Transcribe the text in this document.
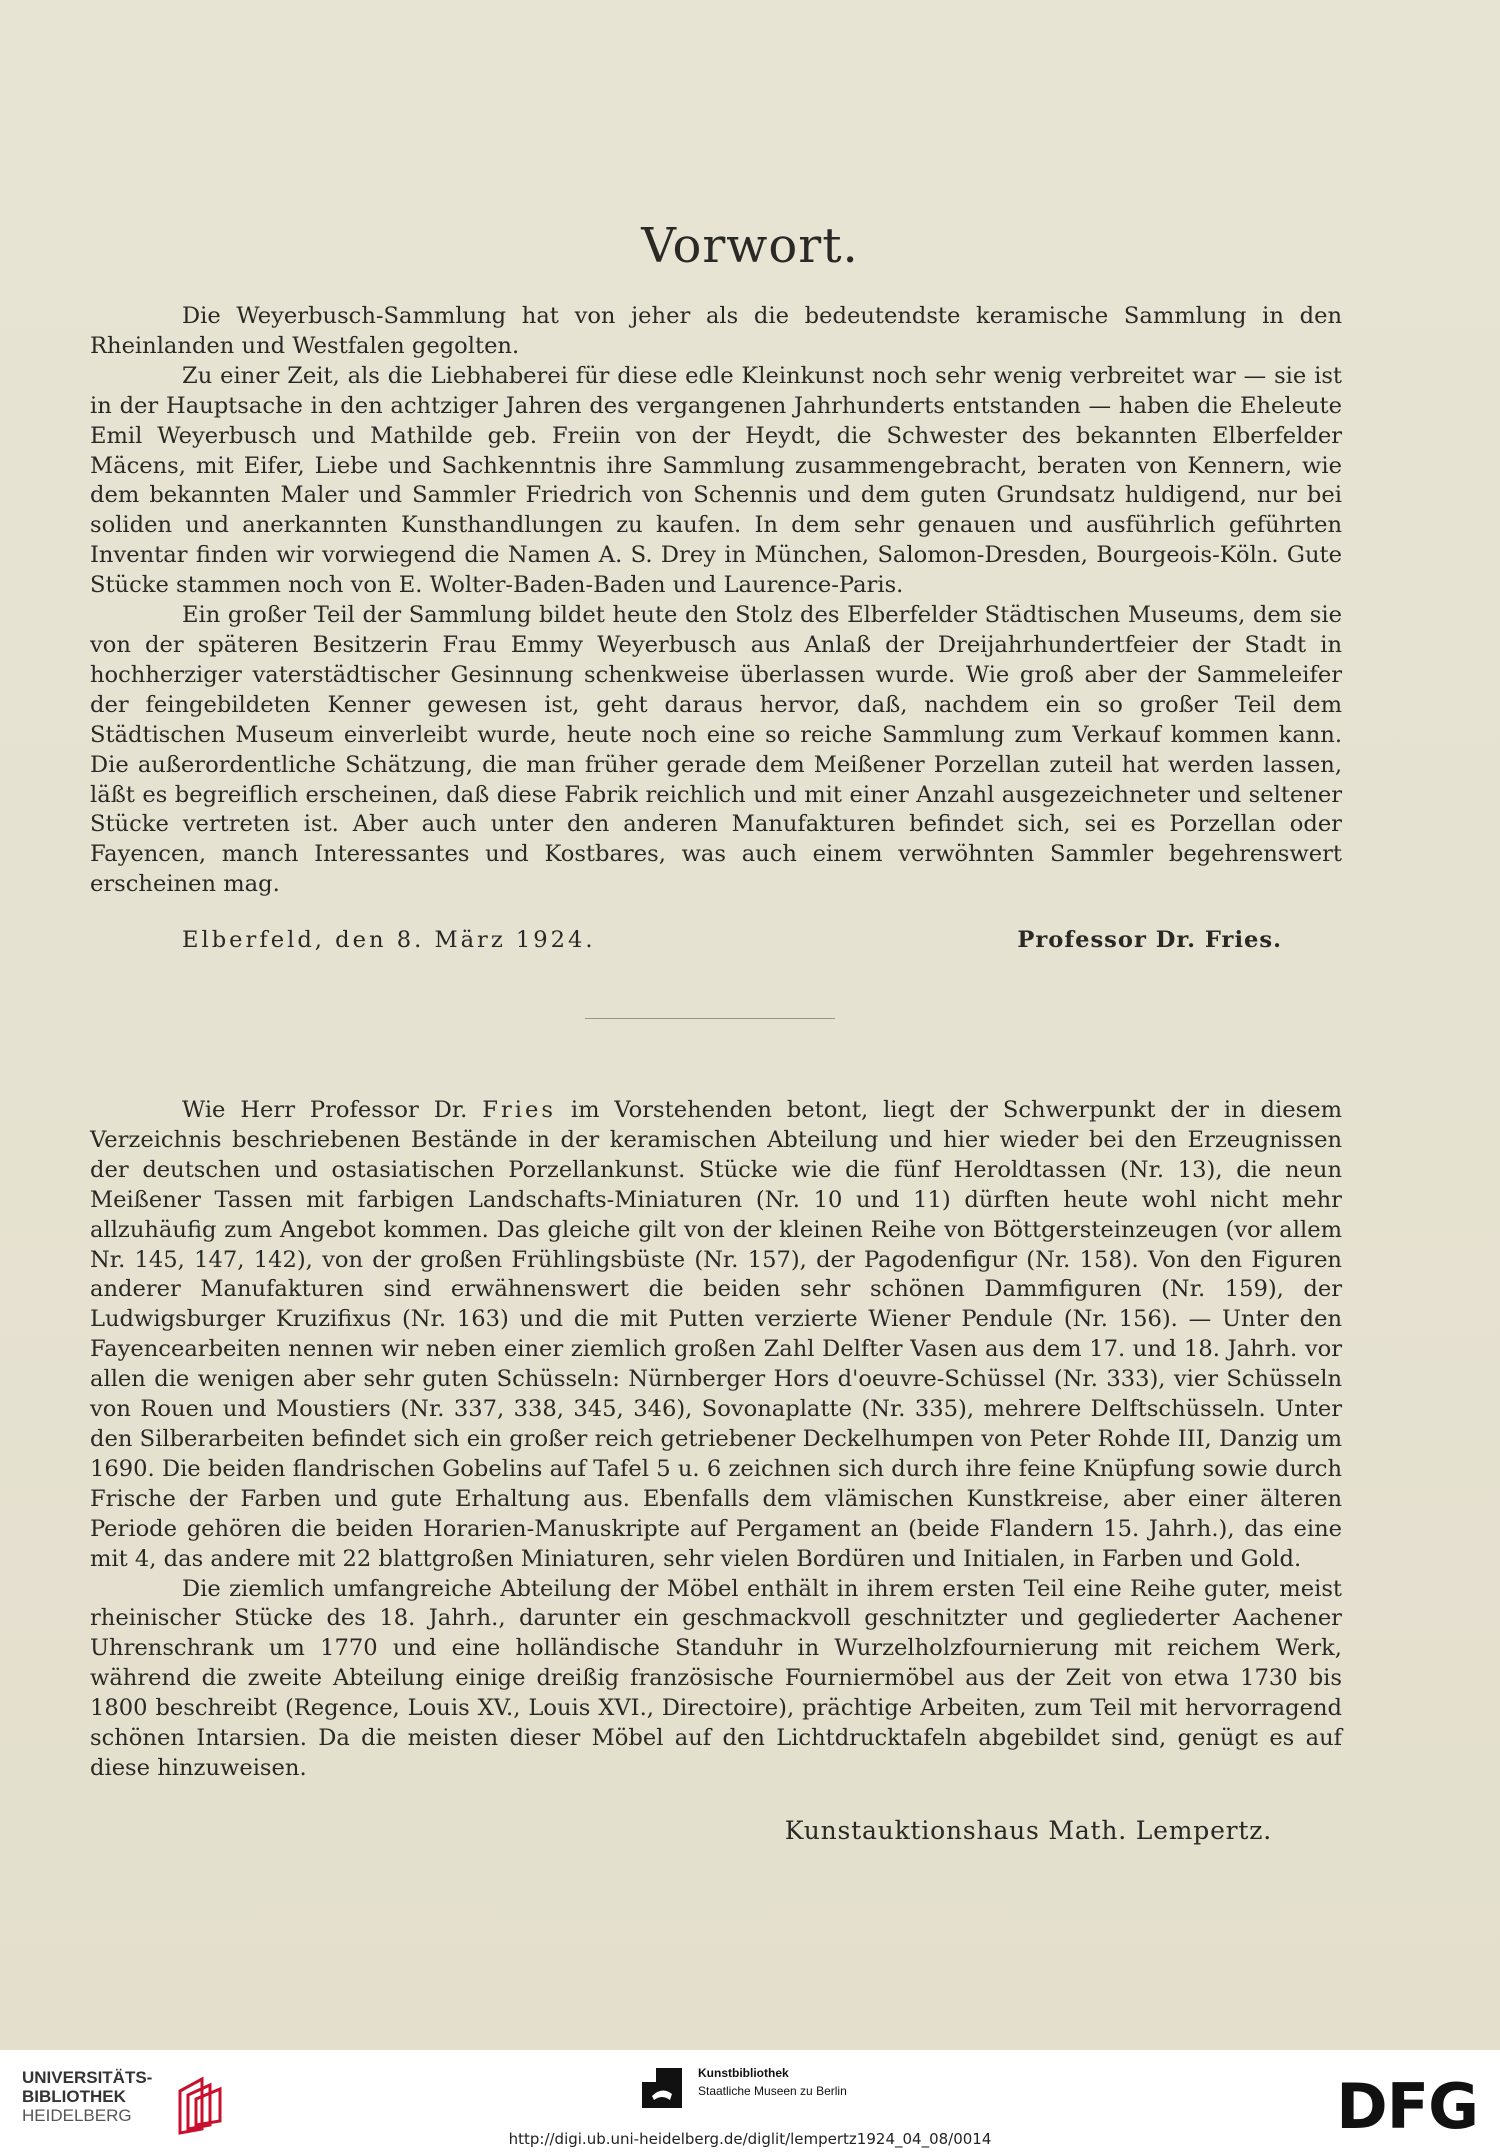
Vorwort.

Die Weyerbusch-Sammlung hat von jeher als die bedeutendste keramische Sammlung in den Rheinlanden und Westfalen gegolten.

Zu einer Zeit, als die Liebhaberei für diese edle Kleinkunst noch sehr wenig verbreitet war — sie ist in der Hauptsache in den achtziger Jahren des vergangenen Jahrhunderts entstanden — haben die Eheleute Emil Weyerbusch und Mathilde geb. Freiin von der Heydt, die Schwester des bekannten Elberfelder Mäcens, mit Eifer, Liebe und Sachkenntnis ihre Sammlung zusammengebracht, beraten von Kennern, wie dem bekannten Maler und Sammler Friedrich von Schennis und dem guten Grundsatz huldigend, nur bei soliden und anerkannten Kunsthandlungen zu kaufen. In dem sehr genauen und ausführlich geführten Inventar finden wir vorwiegend die Namen A. S. Drey in München, Salomon-Dresden, Bourgeois-Köln. Gute Stücke stammen noch von E. Wolter-Baden-Baden und Laurence-Paris.

Ein großer Teil der Sammlung bildet heute den Stolz des Elberfelder Städtischen Museums, dem sie von der späteren Besitzerin Frau Emmy Weyerbusch aus Anlaß der Dreijahrhundertfeier der Stadt in hochherziger vaterstädtischer Gesinnung schenkweise überlassen wurde. Wie groß aber der Sammeleifer der feingebildeten Kenner gewesen ist, geht daraus hervor, daß, nachdem ein so großer Teil dem Städtischen Museum einverleibt wurde, heute noch eine so reiche Sammlung zum Verkauf kommen kann. Die außerordentliche Schätzung, die man früher gerade dem Meißener Porzellan zuteil hat werden lassen, läßt es begreiflich erscheinen, daß diese Fabrik reichlich und mit einer Anzahl ausgezeichneter und seltener Stücke vertreten ist. Aber auch unter den anderen Manufakturen befindet sich, sei es Porzellan oder Fayencen, manch Interessantes und Kostbares, was auch einem verwöhnten Sammler begehrenswert erscheinen mag.

Elberfeld, den 8. März 1924.	Professor Dr. Fries.

Wie Herr Professor Dr. Fries im Vorstehenden betont, liegt der Schwerpunkt der in diesem Verzeichnis beschriebenen Bestände in der keramischen Abteilung und hier wieder bei den Erzeugnissen der deutschen und ostasiatischen Porzellankunst. Stücke wie die fünf Heroldtassen (Nr. 13), die neun Meißener Tassen mit farbigen Landschafts-Miniaturen (Nr. 10 und 11) dürften heute wohl nicht mehr allzuhäufig zum Angebot kommen. Das gleiche gilt von der kleinen Reihe von Böttgersteinzeugen (vor allem Nr. 145, 147, 142), von der großen Frühlingsbüste (Nr. 157), der Pagodenfigur (Nr. 158). Von den Figuren anderer Manufakturen sind erwähnenswert die beiden sehr schönen Dammfiguren (Nr. 159), der Ludwigsburger Kruzifixus (Nr. 163) und die mit Putten verzierte Wiener Pendule (Nr. 156). — Unter den Fayencearbeiten nennen wir neben einer ziemlich großen Zahl Delfter Vasen aus dem 17. und 18. Jahrh. vor allen die wenigen aber sehr guten Schüsseln: Nürnberger Hors d'oeuvre-Schüssel (Nr. 333), vier Schüsseln von Rouen und Moustiers (Nr. 337, 338, 345, 346), Sovonaplatte (Nr. 335), mehrere Delftschüsseln. Unter den Silberarbeiten befindet sich ein großer reich getriebener Deckelhumpen von Peter Rohde III, Danzig um 1690. Die beiden flandrischen Gobelins auf Tafel 5 u. 6 zeichnen sich durch ihre feine Knüpfung sowie durch Frische der Farben und gute Erhaltung aus. Ebenfalls dem vlämischen Kunstkreise, aber einer älteren Periode gehören die beiden Horarien-Manuskripte auf Pergament an (beide Flandern 15. Jahrh.), das eine mit 4, das andere mit 22 blattgroßen Miniaturen, sehr vielen Bordüren und Initialen, in Farben und Gold.

Die ziemlich umfangreiche Abteilung der Möbel enthält in ihrem ersten Teil eine Reihe guter, meist rheinischer Stücke des 18. Jahrh., darunter ein geschmackvoll geschnitzter und gegliederter Aachener Uhrenschrank um 1770 und eine holländische Standuhr in Wurzelholzfournierung mit reichem Werk, während die zweite Abteilung einige dreißig französische Fourniermöbel aus der Zeit von etwa 1730 bis 1800 beschreibt (Regence, Louis XV., Louis XVI., Directoire), prächtige Arbeiten, zum Teil mit hervorragend schönen Intarsien. Da die meisten dieser Möbel auf den Lichtdrucktafeln abgebildet sind, genügt es auf diese hinzuweisen.

Kunstauktionshaus Math. Lempertz.
UNIVERSITÄTS-
BIBLIOTHEK
HEIDELBERG
Kunstbibliothek
Staatliche Museen zu Berlin	DFG
http://digi.ub.uni-heidelberg.de/diglit/lempertz1924_04_08/0014
